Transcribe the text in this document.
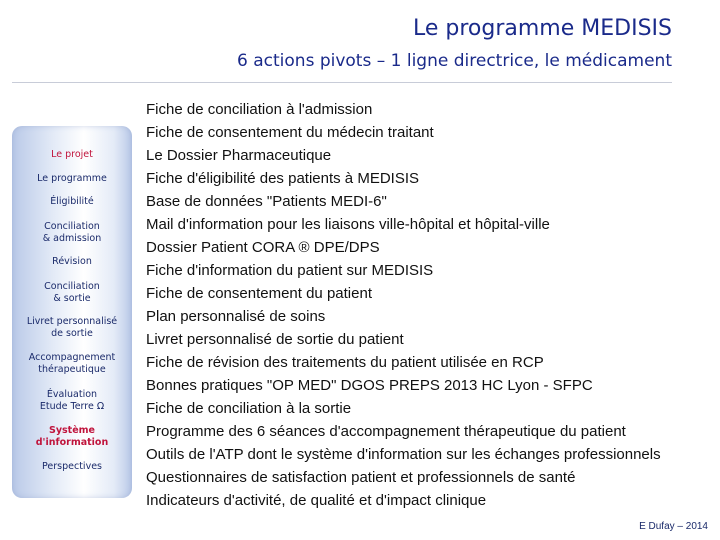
Le programme MEDISIS
6 actions pivots – 1 ligne directrice, le médicament
Le projet
Le programme
Éligibilité
Conciliation
& admission
Révision
Conciliation
& sortie
Livret personnalisé
de sortie
Accompagnement
thérapeutique
Évaluation
Etude Terre Ω
Système
d'information
Perspectives
Fiche de conciliation à l'admission
Fiche de consentement du médecin traitant
Le Dossier Pharmaceutique
Fiche d'éligibilité des patients à MEDISIS
Base de données "Patients MEDI-6"
Mail d'information pour les liaisons ville-hôpital et hôpital-ville
Dossier Patient CORA ® DPE/DPS
Fiche d'information du patient sur MEDISIS
Fiche de consentement du patient
Plan personnalisé de soins
Livret personnalisé de sortie du patient
Fiche de révision des traitements du patient utilisée en RCP
Bonnes pratiques "OP MED" DGOS PREPS 2013 HC Lyon - SFPC
Fiche de conciliation à la sortie
Programme des 6 séances d'accompagnement thérapeutique du patient
Outils de l'ATP dont le système d'information sur les échanges professionnels
Questionnaires de satisfaction patient et professionnels de santé
Indicateurs d'activité, de qualité et d'impact clinique
E Dufay – 2014
